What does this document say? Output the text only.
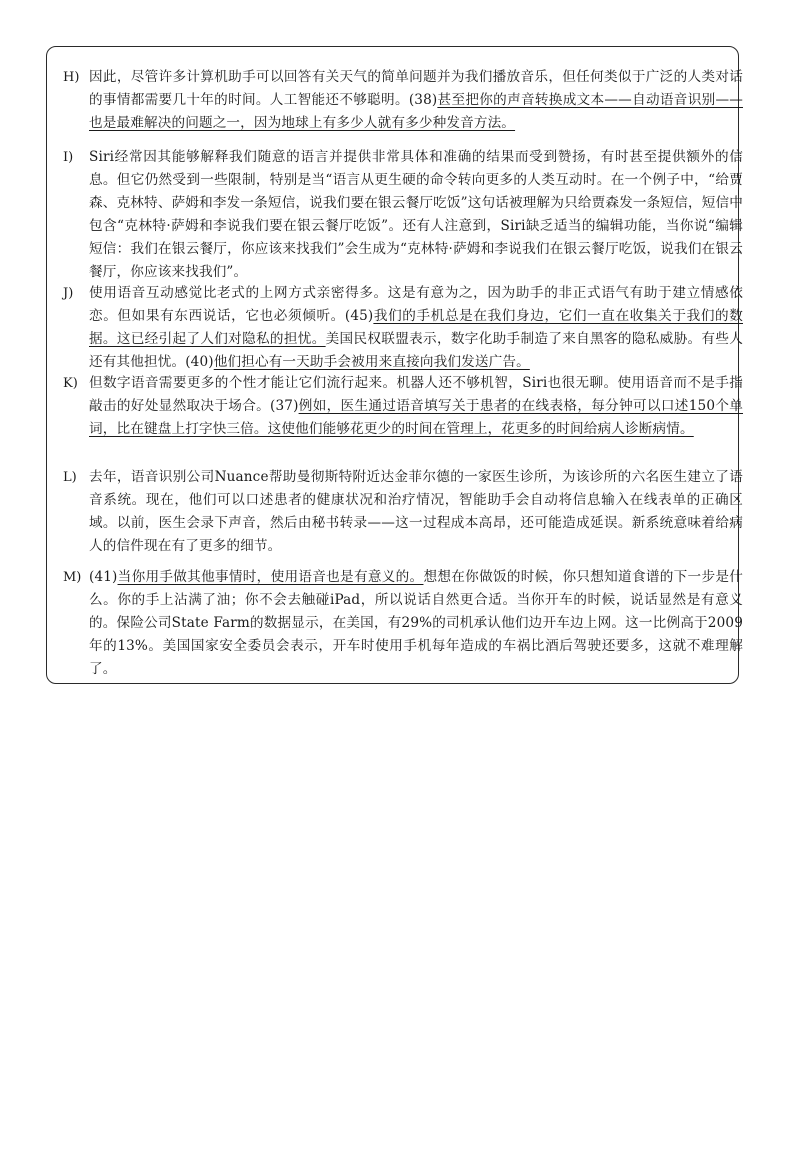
H) 因此，尽管许多计算机助手可以回答有关天气的简单问题并为我们播放音乐，但任何类似于广泛的人类对话的事情都需要几十年的时间。人工智能还不够聪明。(38)甚至把你的声音转换成文本——自动语音识别——也是最难解决的问题之一，因为地球上有多少人就有多少种发音方法。
I) Siri经常因其能够解释我们随意的语言并提供非常具体和准确的结果而受到赞扬，有时甚至提供额外的信息。但它仍然受到一些限制，特别是当“语言从更生硬的命令转向更多的人类互动时。在一个例子中，“给贾森、克林特、萨姆和李发一条短信，说我们要在银云餐厅吃饭”这句话被理解为只给贾森发一条短信，短信中包含“克林特·萨姆和李说我们要在银云餐厅吃饭”。还有人注意到，Siri缺乏适当的编辑功能，当你说“编辑短信：我们在银云餐厅，你应该来找我们”会生成为“克林特·萨姆和李说我们在银云餐厅吃饭，说我们在银云餐厅，你应该来找我们”。
J) 使用语音互动感觉比老式的上网方式亲密得多。这是有意为之，因为助手的非正式语气有助于建立情感依恋。但如果有东西说话，它也必须倾听。(45)我们的手机总是在我们身边，它们一直在收集关于我们的数据。这已经引起了人们对隐私的担忧。美国民权联盟表示，数字化助手制造了来自黑客的隐私威胁。有些人还有其他担忧。(40)他们担心有一天助手会被用来直接向我们发送广告。
K) 但数字语音需要更多的个性才能让它们流行起来。机器人还不够机智，Siri也很无聊。使用语音而不是手指敲击的好处显然取决于场合。(37)例如，医生通过语音填写关于患者的在线表格，每分钟可以口述150个单词，比在键盘上打字快三倍。这使他们能够花更少的时间在管理上，花更多的时间给病人诊断病情。
L) 去年，语音识别公司Nuance帮助曼彻斯特附近达金菲尔德的一家医生诊所，为该诊所的六名医生建立了语音系统。现在，他们可以口述患者的健康状况和治疗情况，智能助手会自动将信息输入在线表单的正确区域。以前，医生会录下声音，然后由秘书转录——这一过程成本高昂，还可能造成延误。新系统意味着给病人的信件现在有了更多的细节。
M) (41)当你用手做其他事情时，使用语音也是有意义的。想想在你做饭的时候，你只想知道食谱的下一步是什么。你的手上沾满了油；你不会去触碰iPad，所以说话自然更合适。当你开车的时候，说话显然是有意义的。保险公司State Farm的数据显示，在美国，有29%的司机承认他们边开车边上网。这一比例高于2009年的13%。美国国家安全委员会表示，开车时使用手机每年造成的车祸比酒后驾驶还要多，这就不难理解了。
